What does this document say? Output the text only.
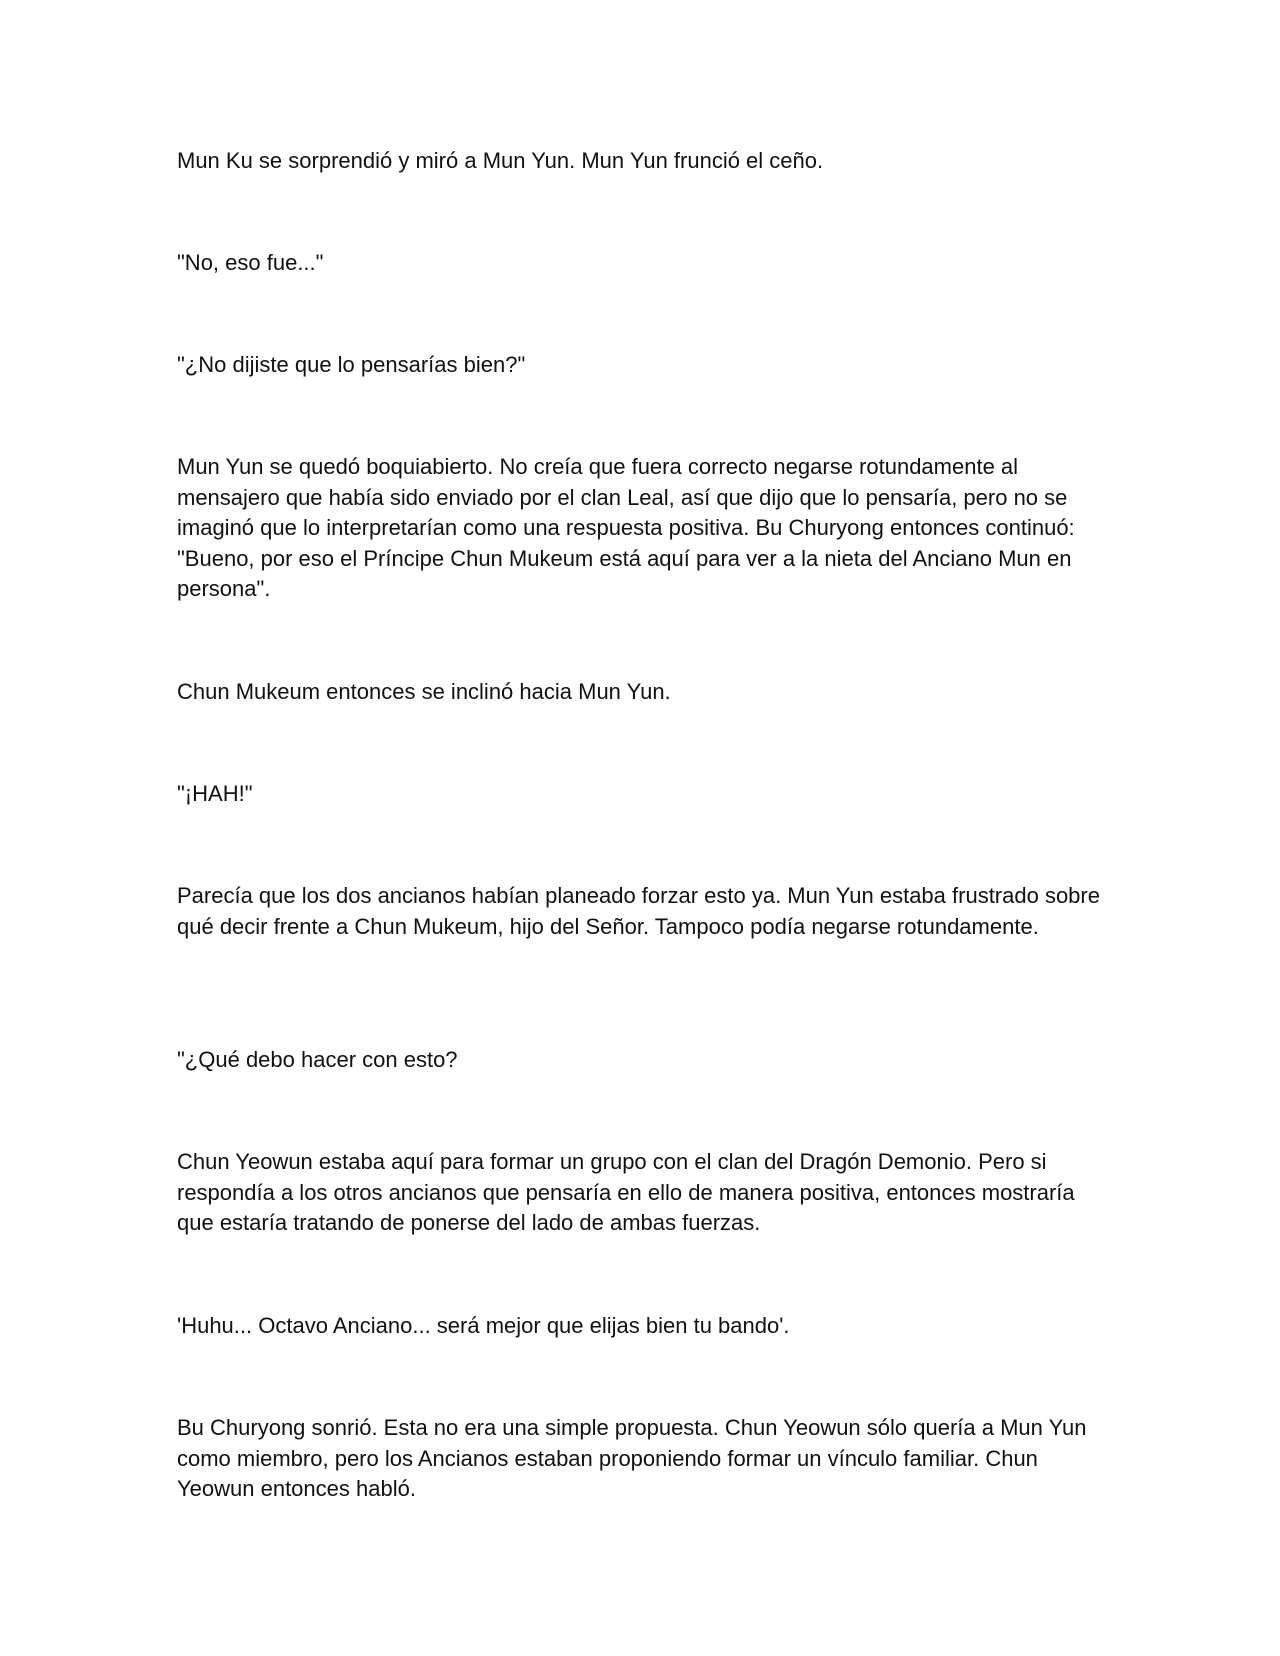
Mun Ku se sorprendió y miró a Mun Yun. Mun Yun frunció el ceño.

"No, eso fue..."

"¿No dijiste que lo pensarías bien?"

Mun Yun se quedó boquiabierto. No creía que fuera correcto negarse rotundamente al mensajero que había sido enviado por el clan Leal, así que dijo que lo pensaría, pero no se imaginó que lo interpretarían como una respuesta positiva. Bu Churyong entonces continuó: "Bueno, por eso el Príncipe Chun Mukeum está aquí para ver a la nieta del Anciano Mun en persona".

Chun Mukeum entonces se inclinó hacia Mun Yun.

"¡HAH!"

Parecía que los dos ancianos habían planeado forzar esto ya. Mun Yun estaba frustrado sobre qué decir frente a Chun Mukeum, hijo del Señor. Tampoco podía negarse rotundamente.

"¿Qué debo hacer con esto?

Chun Yeowun estaba aquí para formar un grupo con el clan del Dragón Demonio. Pero si respondía a los otros ancianos que pensaría en ello de manera positiva, entonces mostraría que estaría tratando de ponerse del lado de ambas fuerzas.

'Huhu... Octavo Anciano... será mejor que elijas bien tu bando'.

Bu Churyong sonrió. Esta no era una simple propuesta. Chun Yeowun sólo quería a Mun Yun como miembro, pero los Ancianos estaban proponiendo formar un vínculo familiar. Chun Yeowun entonces habló.
